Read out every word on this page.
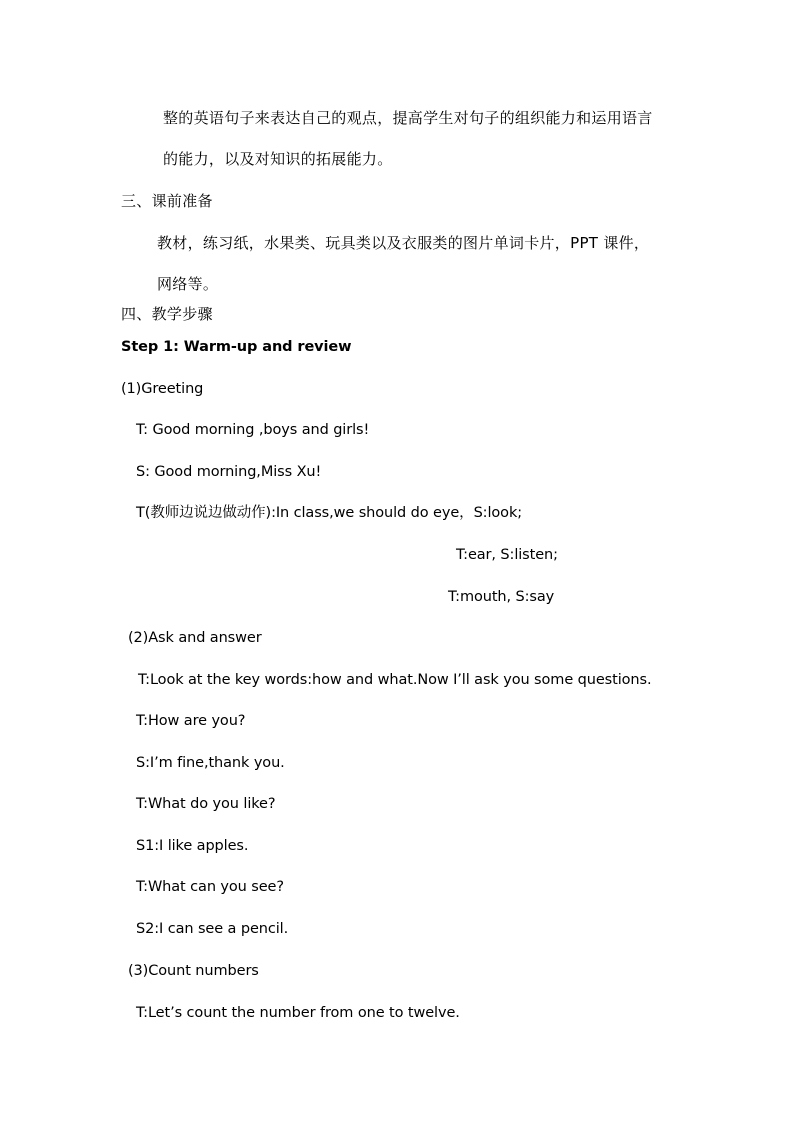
整的英语句子来表达自己的观点，提高学生对句子的组织能力和运用语言
的能力，以及对知识的拓展能力。
三、课前准备
教材，练习纸，水果类、玩具类以及衣服类的图片单词卡片，PPT 课件，
网络等。
四、教学步骤
Step 1: Warm-up and review
(1)Greeting
T: Good morning ,boys and girls!
S: Good morning,Miss Xu!
T(教师边说边做动作):In class,we should do eye，S:look;
T:ear, S:listen;
T:mouth, S:say
(2)Ask and answer
T:Look at the key words:how and what.Now I’ll ask you some questions.
T:How are you?
S:I’m fine,thank you.
T:What do you like?
S1:I like apples.
T:What can you see?
S2:I can see a pencil.
(3)Count numbers
T:Let’s count the number from one to twelve.
